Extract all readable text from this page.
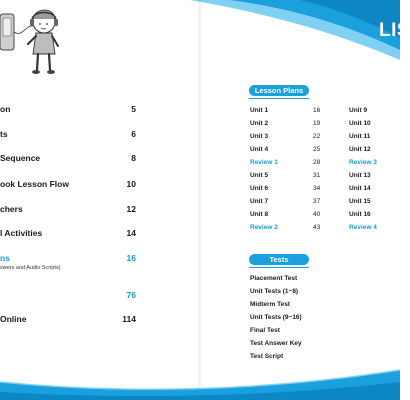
LIS
on	5
ts	6
Sequence	8
ook Lesson Flow	10
chers	12
l Activities	14
ns	16
swers and Audio Scripts)
76
Online	114
Lesson Plans
Unit 1	16
Unit 2	19
Unit 3	22
Unit 4	25
Review 1	28
Unit 5	31
Unit 6	34
Unit 7	37
Unit 8	40
Review 2	43
Unit 9
Unit 10
Unit 11
Unit 12
Review 3
Unit 13
Unit 14
Unit 15
Unit 16
Review 4
Tests
Placement Test
Unit Tests (1~8)
Midterm Test
Unit Tests (9~16)
Final Test
Test Answer Key
Test Script
